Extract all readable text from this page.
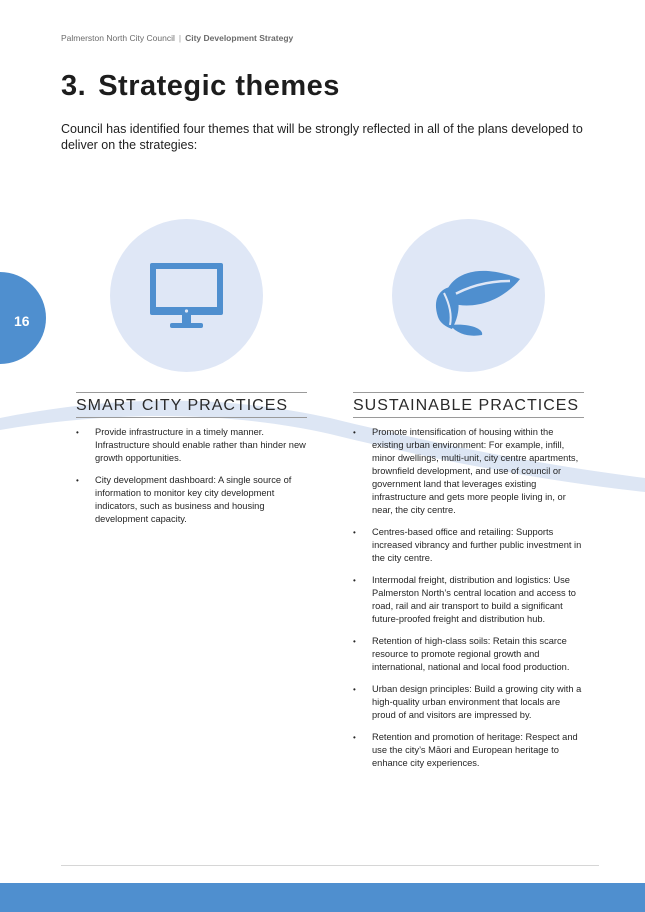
Palmerston North City Council | City Development Strategy
3. Strategic themes

Council has identified four themes that will be strongly reflected in all of the plans developed to deliver on the strategies:

16
SMART CITY PRACTICES
• Provide infrastructure in a timely manner. Infrastructure should enable rather than hinder new growth opportunities.
• City development dashboard: A single source of information to monitor key city development indicators, such as business and housing development capacity.
SUSTAINABLE PRACTICES
• Promote intensification of housing within the existing urban environment: For example, infill, minor dwellings, multi-unit, city centre apartments, brownfield development, and use of council or government land that leverages existing infrastructure and gets more people living in, or near, the city centre.
• Centres-based office and retailing: Supports increased vibrancy and further public investment in the city centre.
• Intermodal freight, distribution and logistics: Use Palmerston North’s central location and access to road, rail and air transport to build a significant future-proofed freight and distribution hub.
• Retention of high-class soils: Retain this scarce resource to promote regional growth and international, national and local food production.
• Urban design principles: Build a growing city with a high-quality urban environment that locals are proud of and visitors are impressed by.
• Retention and promotion of heritage: Respect and use the city’s Māori and European heritage to enhance city experiences.
